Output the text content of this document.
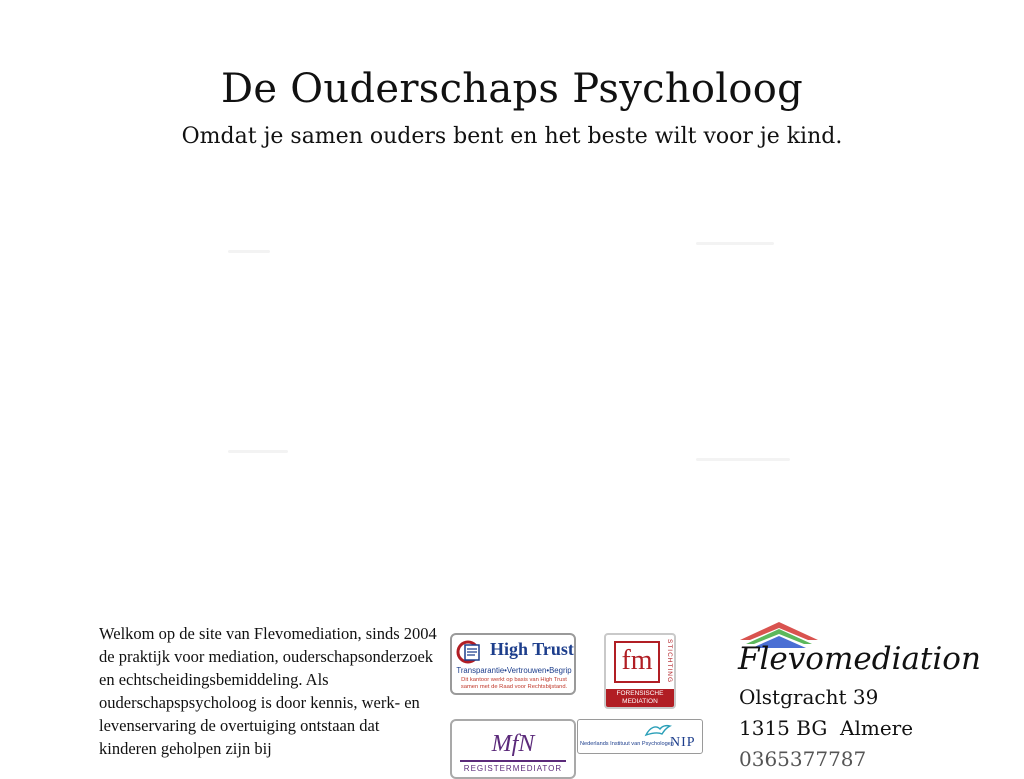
De Ouderschaps Psycholoog

Omdat je samen ouders bent en het beste wilt voor je kind.

Welkom op de site van Flevomediation, sinds 2004 de praktijk voor mediation, ouderschapsonderzoek en echtscheidingsbemiddeling. Als ouderschapspsycholoog is door kennis, werk- en levenservaring de overtuiging ontstaan dat kinderen geholpen zijn bij

High Trust
Transparantie•Vertrouwen•Begrip
Dit kantoor werkt op basis van High Trust samen met de Raad voor Rechtsbijstand.
fm	STICHTING
FORENSISCHE
MEDIATION
MfN
REGISTERMEDIATOR
Nederlands Instituut van Psychologen
NIP

Flevomediation

Olstgracht 39

1315 BG  Almere

0365377787
